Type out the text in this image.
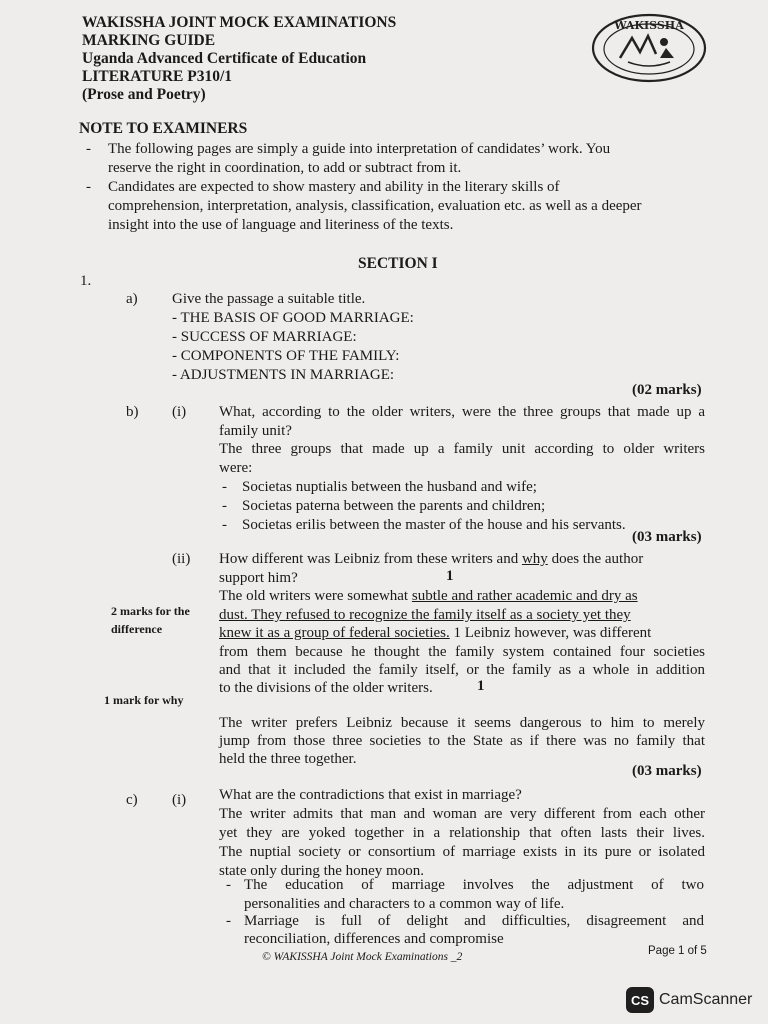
WAKISSHA JOINT MOCK EXAMINATIONS
MARKING GUIDE
Uganda Advanced Certificate of Education
LITERATURE P310/1
(Prose and Poetry)
WAKISSHA
NOTE TO EXAMINERS
- The following pages are simply a guide into interpretation of candidates’ work. You
reserve the right in coordination, to add or subtract from it.
- Candidates are expected to show mastery and ability in the literary skills of
comprehension, interpretation, analysis, classification, evaluation etc. as well as a deeper
insight into the use of language and literiness of the texts.
SECTION I
1.
a) Give the passage a suitable title.
- THE BASIS OF GOOD MARRIAGE:
- SUCCESS OF MARRIAGE:
- COMPONENTS OF THE FAMILY:
- ADJUSTMENTS IN MARRIAGE:
(02 marks)
b) (i) What, according to the older writers, were the three groups that made up a
family unit?
The three groups that made up a family unit according to older writers
were:
- Societas nuptialis between the husband and wife;
- Societas paterna between the parents and children;
- Societas erilis between the master of the house and his servants.
(03 marks)
(ii) How different was Leibniz from these writers and why does the author
support him?	1
The old writers were somewhat subtle and rather academic and dry as
dust. They refused to recognize the family itself as a society yet they
knew it as a group of federal societies. 1 Leibniz however, was different
from them because he thought the family system contained four societies
and that it included the family itself, or the family as a whole in addition
to the divisions of the older writers.	1
2 marks for the
difference
1 mark for why
The writer prefers Leibniz because it seems dangerous to him to merely
jump from those three societies to the State as if there was no family that
held the three together.
(03 marks)
What are the contradictions that exist in marriage?
c) (i)
The writer admits that man and woman are very different from each other
yet they are yoked together in a relationship that often lasts their lives.
The nuptial society or consortium of marriage exists in its pure or isolated
state only during the honey moon.
- The education of marriage involves the adjustment of two
personalities and characters to a common way of life.
- Marriage is full of delight and difficulties, disagreement and
reconciliation, differences and compromise
© WAKISSHA Joint Mock Examinations _2	Page 1 of 5
CS CamScanner
